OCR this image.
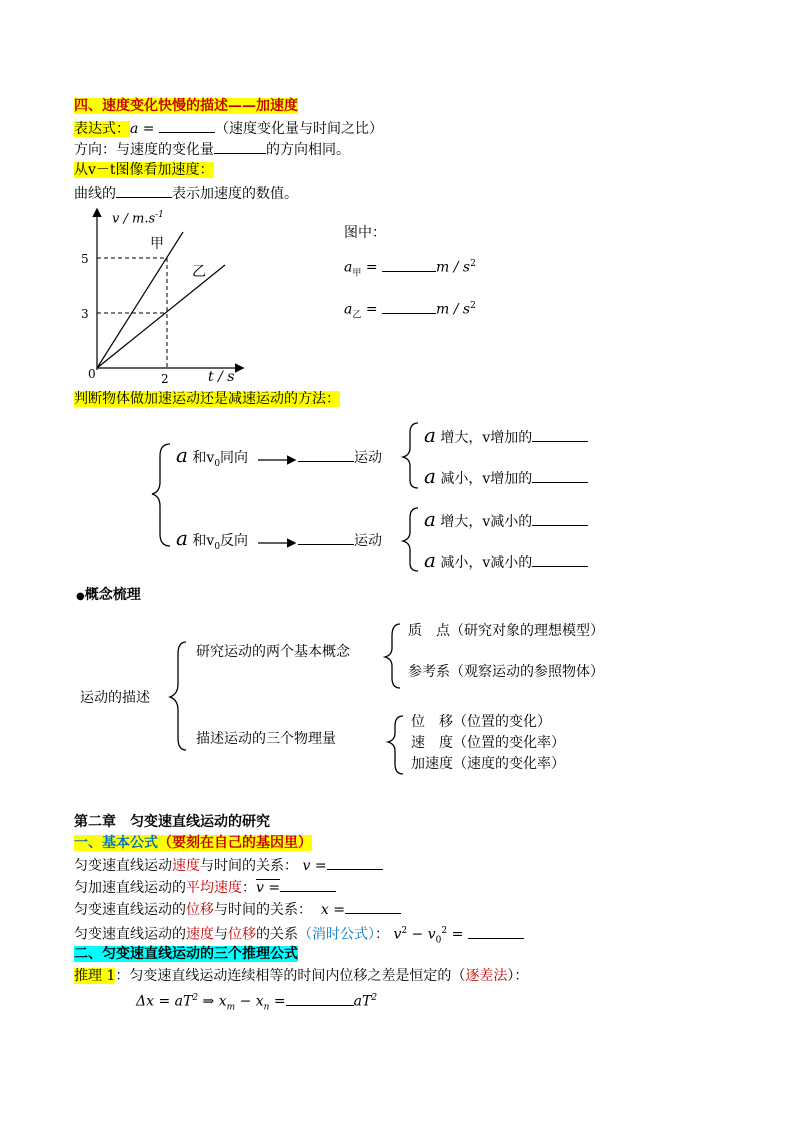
四、速度变化快慢的描述——加速度
表达式：a =	（速度变化量与时间之比）
方向：与速度的变化量	的方向相同。
从v－t图像看加速度：
曲线的	表示加速度的数值。
v / $m.s^{-1}$
t / s
0
5
3
2
甲
乙
图中：
$a_甲$ =	m / $s^2$
$a_乙$ =	m / $s^2$
判断物体做加速运动还是减速运动的方法：
a 和$v_0$同向	运动
a 增大，v增加的
a 减小，v增加的
a 和$v_0$反向	运动
a 增大，v减小的
a 减小，v减小的
●概念梳理
运动的描述
研究运动的两个基本概念
质　点（研究对象的理想模型）
参考系（观察运动的参照物体）
描述运动的三个物理量
位　移（位置的变化）
速　度（位置的变化率）
加速度（速度的变化率）
第二章　匀变速直线运动的研究
一、基本公式（要刻在自己的基因里）
匀变速直线运动速度与时间的关系： v =
匀加速直线运动的平均速度：v =
匀变速直线运动的位移与时间的关系： x =
匀变速直线运动的速度与位移的关系（消时公式）： $v^2 - v_0^2$ =
二、匀变速直线运动的三个推理公式
推理 1：匀变速直线运动连续相等的时间内位移之差是恒定的（逐差法）：
$\Delta x = aT^2$ ⇒ $x_m - x_n$ =	$aT^2$
